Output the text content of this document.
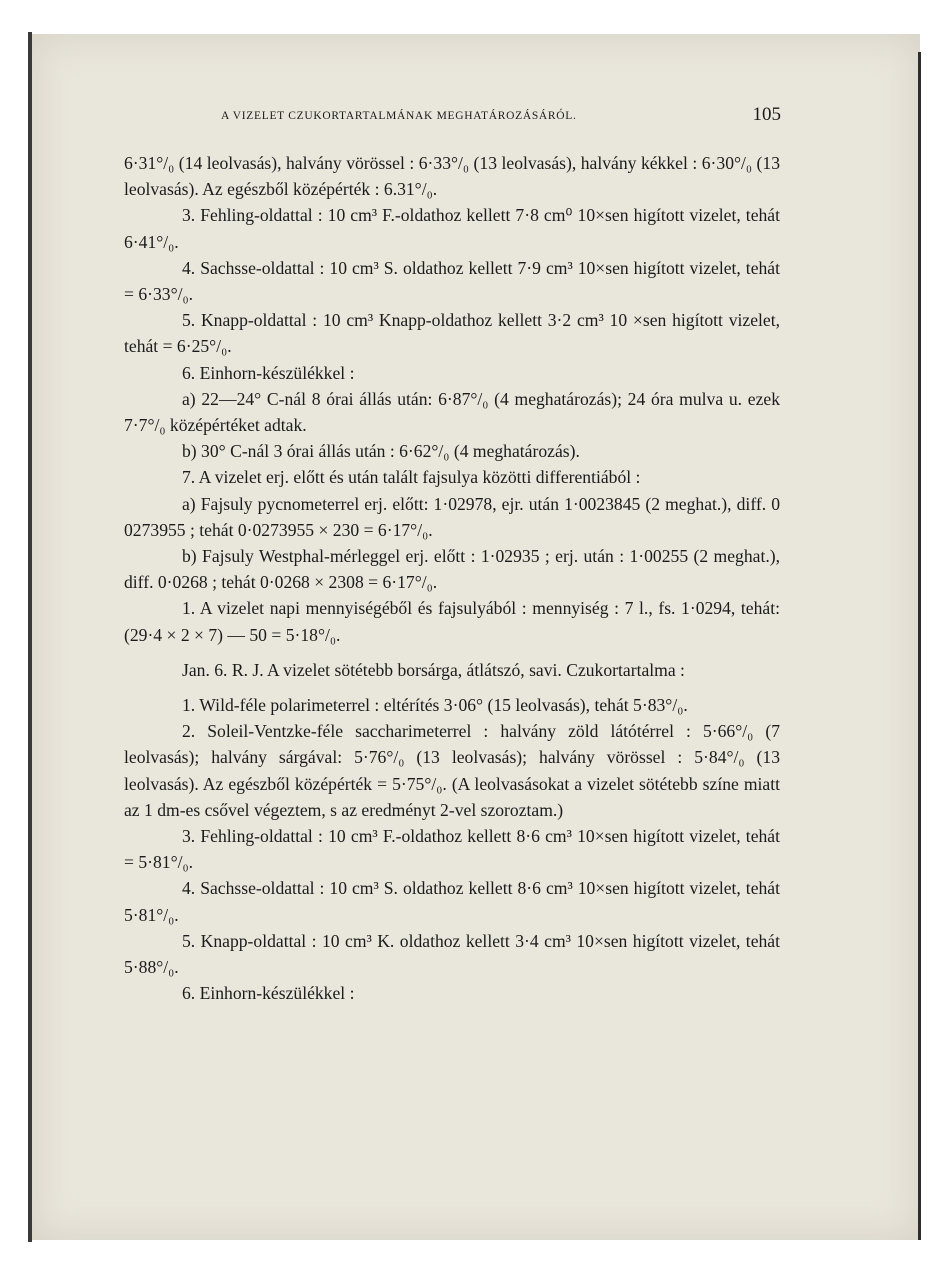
A VIZELET CZUKORTARTALMÁNAK MEGHATÁROZÁSÁRÓL.	105

6·31°/₀ (14 leolvasás), halvány vörössel : 6·33°/₀ (13 leolvasás), halvány kékkel : 6·30°/₀ (13 leolvasás). Az egészből középérték : 6.31°/₀.

3. Fehling-oldattal : 10 cm³ F.-oldathoz kellett 7·8 cm⁰ 10×sen higított vizelet, tehát 6·41°/₀.

4. Sachsse-oldattal : 10 cm³ S. oldathoz kellett 7·9 cm³ 10×sen higított vizelet, tehát = 6·33°/₀.

5. Knapp-oldattal : 10 cm³ Knapp-oldathoz kellett 3·2 cm³ 10 ×sen higított vizelet, tehát = 6·25°/₀.

6. Einhorn-készülékkel :

a) 22—24° C-nál 8 órai állás után: 6·87°/₀ (4 meghatározás); 24 óra mulva u. ezek 7·7°/₀ középértéket adtak.

b) 30° C-nál 3 órai állás után : 6·62°/₀ (4 meghatározás).

7. A vizelet erj. előtt és után talált fajsulya közötti differentiából :

a) Fajsuly pycnometerrel erj. előtt: 1·02978, ejr. után 1·0023845 (2 meghat.), diff. 0 0273955 ; tehát 0·0273955 × 230 = 6·17°/₀.

b) Fajsuly Westphal-mérleggel erj. előtt : 1·02935 ; erj. után : 1·00255 (2 meghat.), diff. 0·0268 ; tehát 0·0268 × 2308 = 6·17°/₀.

1. A vizelet napi mennyiségéből és fajsulyából : mennyiség : 7 l., fs. 1·0294, tehát: (29·4 × 2 × 7) — 50 = 5·18°/₀.

Jan. 6. R. J. A vizelet sötétebb borsárga, átlátszó, savi. Czukortartalma :

1. Wild-féle polarimeterrel : eltérítés 3·06° (15 leolvasás), tehát 5·83°/₀.

2. Soleil-Ventzke-féle saccharimeterrel : halvány zöld látótérrel : 5·66°/₀ (7 leolvasás); halvány sárgával: 5·76°/₀ (13 leolvasás); halvány vörössel : 5·84°/₀ (13 leolvasás). Az egészből középérték = 5·75°/₀. (A leolvasásokat a vizelet sötétebb színe miatt az 1 dm-es csővel végeztem, s az eredményt 2-vel szoroztam.)

3. Fehling-oldattal : 10 cm³ F.-oldathoz kellett 8·6 cm³ 10×sen higított vizelet, tehát = 5·81°/₀.

4. Sachsse-oldattal : 10 cm³ S. oldathoz kellett 8·6 cm³ 10×sen higított vizelet, tehát 5·81°/₀.

5. Knapp-oldattal : 10 cm³ K. oldathoz kellett 3·4 cm³ 10×sen higított vizelet, tehát 5·88°/₀.

6. Einhorn-készülékkel :
